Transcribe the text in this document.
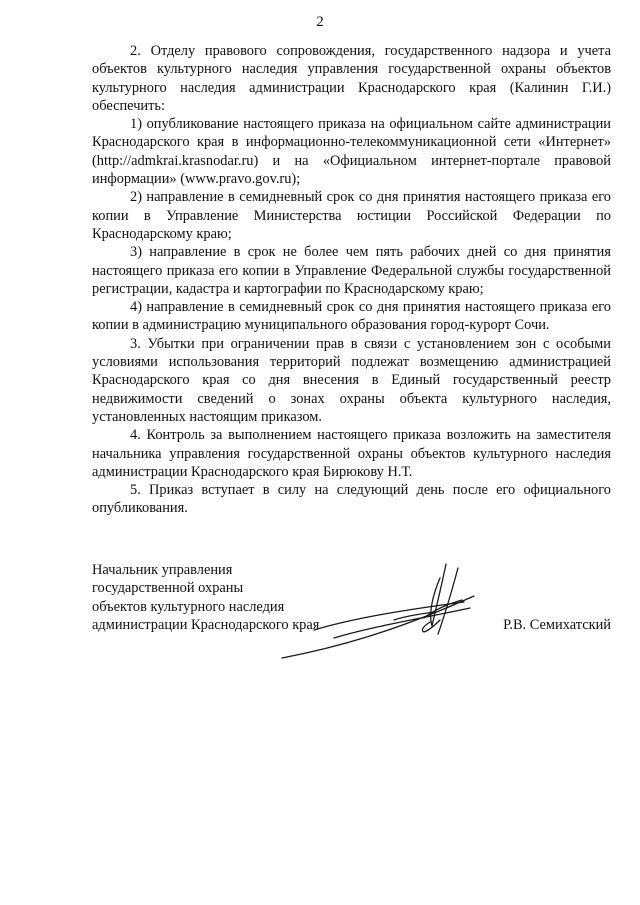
2

2. Отделу правового сопровождения, государственного надзора и учета объектов культурного наследия управления государственной охраны объектов культурного наследия администрации Краснодарского края (Калинин Г.И.) обеспечить:

1) опубликование настоящего приказа на официальном сайте администрации Краснодарского края в информационно-телекоммуникационной сети «Интернет» (http://admkrai.krasnodar.ru) и на «Официальном интернет-портале правовой информации» (www.pravo.gov.ru);

2) направление в семидневный срок со дня принятия настоящего приказа его копии в Управление Министерства юстиции Российской Федерации по Краснодарскому краю;

3) направление в срок не более чем пять рабочих дней со дня принятия настоящего приказа его копии в Управление Федеральной службы государственной регистрации, кадастра и картографии по Краснодарскому краю;

4) направление в семидневный срок со дня принятия настоящего приказа его копии в администрацию муниципального образования город-курорт Сочи.

3. Убытки при ограничении прав в связи с установлением зон с особыми условиями использования территорий подлежат возмещению администрацией Краснодарского края со дня внесения в Единый государственный реестр недвижимости сведений о зонах охраны объекта культурного наследия, установленных настоящим приказом.

4. Контроль за выполнением настоящего приказа возложить на заместителя начальника управления государственной охраны объектов культурного наследия администрации Краснодарского края Бирюкову Н.Т.

5. Приказ вступает в силу на следующий день после его официального опубликования.

Начальник управления
государственной охраны
объектов культурного наследия
администрации Краснодарского края	Р.В. Семихатский
